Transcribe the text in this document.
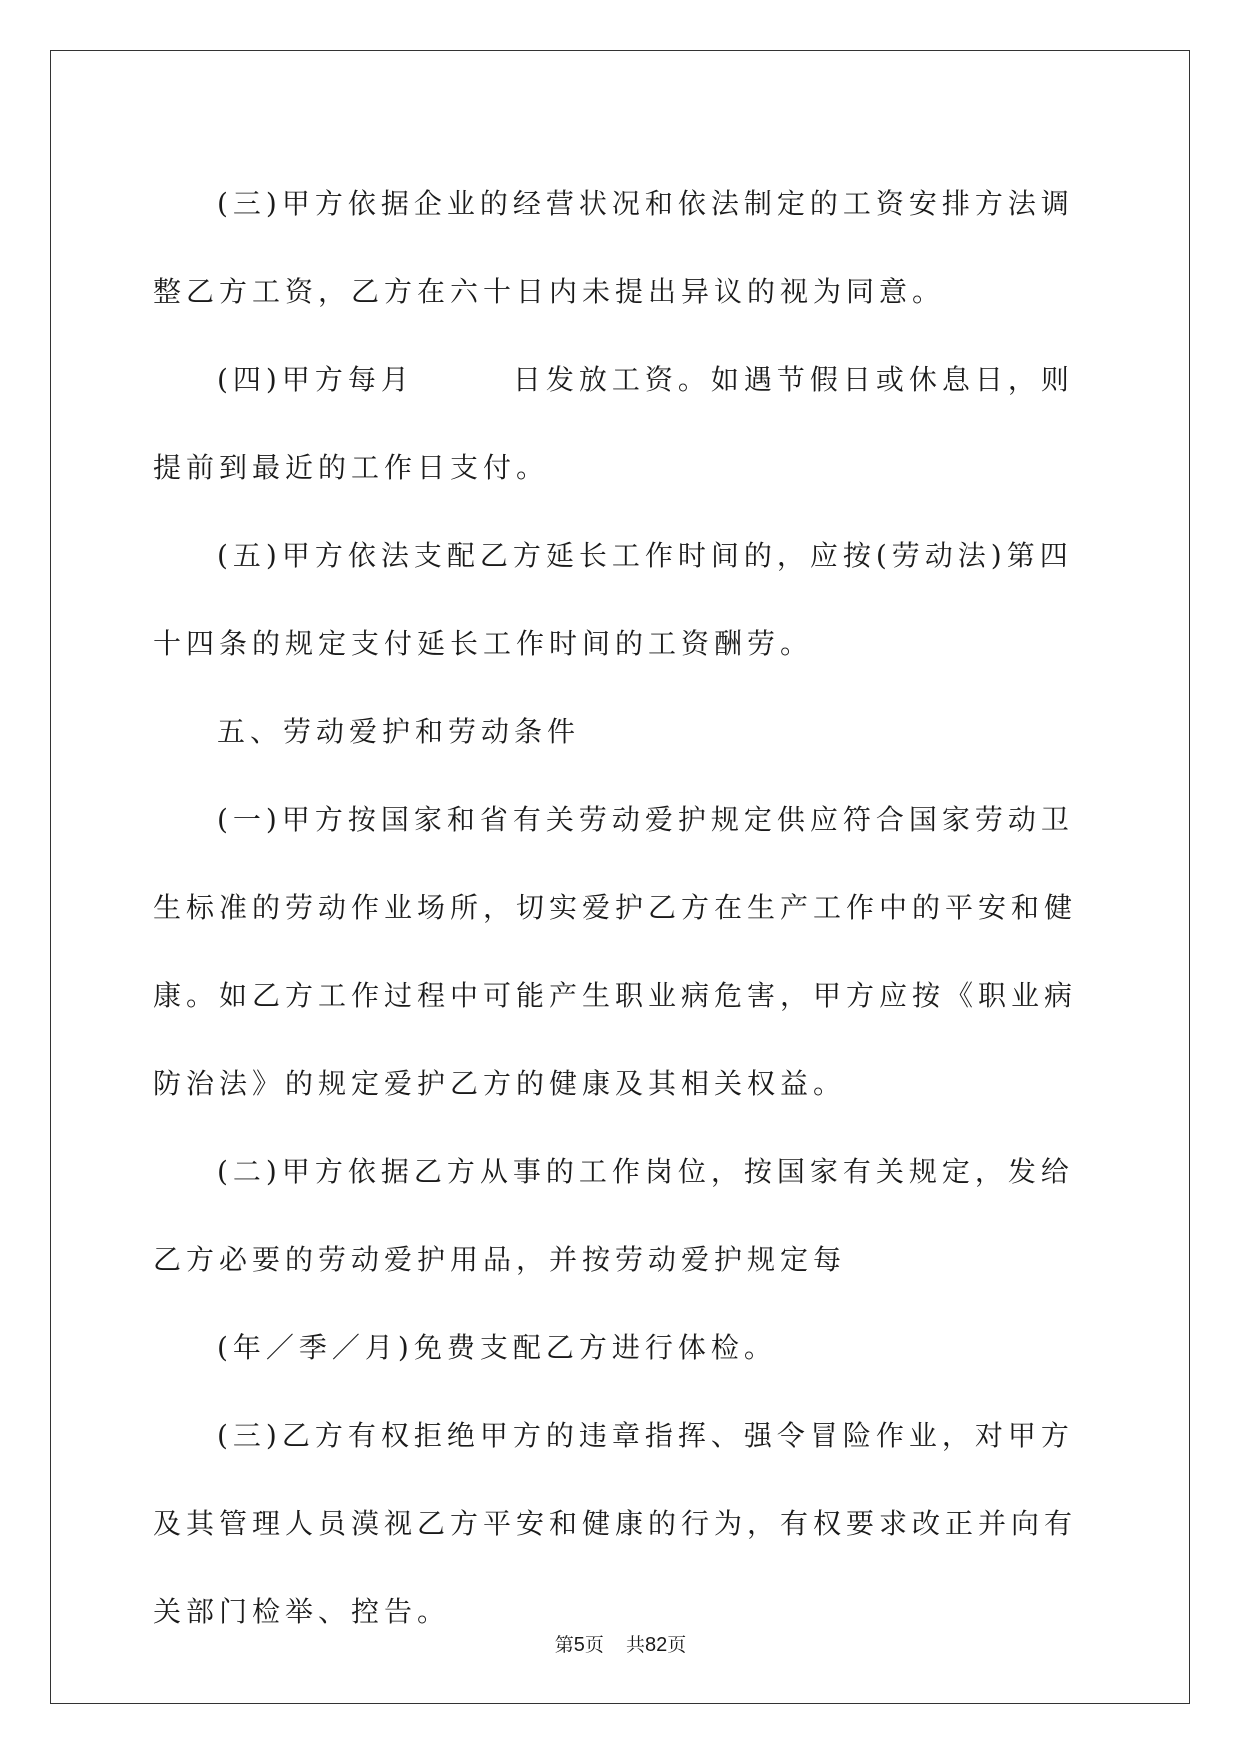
(三)甲方依据企业的经营状况和依法制定的工资安排方法调整乙方工资，乙方在六十日内未提出异议的视为同意。

(四)甲方每月　　　日发放工资。如遇节假日或休息日，则提前到最近的工作日支付。

(五)甲方依法支配乙方延长工作时间的，应按(劳动法)第四十四条的规定支付延长工作时间的工资酬劳。

五、劳动爱护和劳动条件

(一)甲方按国家和省有关劳动爱护规定供应符合国家劳动卫生标准的劳动作业场所，切实爱护乙方在生产工作中的平安和健康。如乙方工作过程中可能产生职业病危害，甲方应按《职业病防治法》的规定爱护乙方的健康及其相关权益。

(二)甲方依据乙方从事的工作岗位，按国家有关规定，发给乙方必要的劳动爱护用品，并按劳动爱护规定每

(年／季／月)免费支配乙方进行体检。

(三)乙方有权拒绝甲方的违章指挥、强令冒险作业，对甲方及其管理人员漠视乙方平安和健康的行为，有权要求改正并向有关部门检举、控告。

第5页 共82页
